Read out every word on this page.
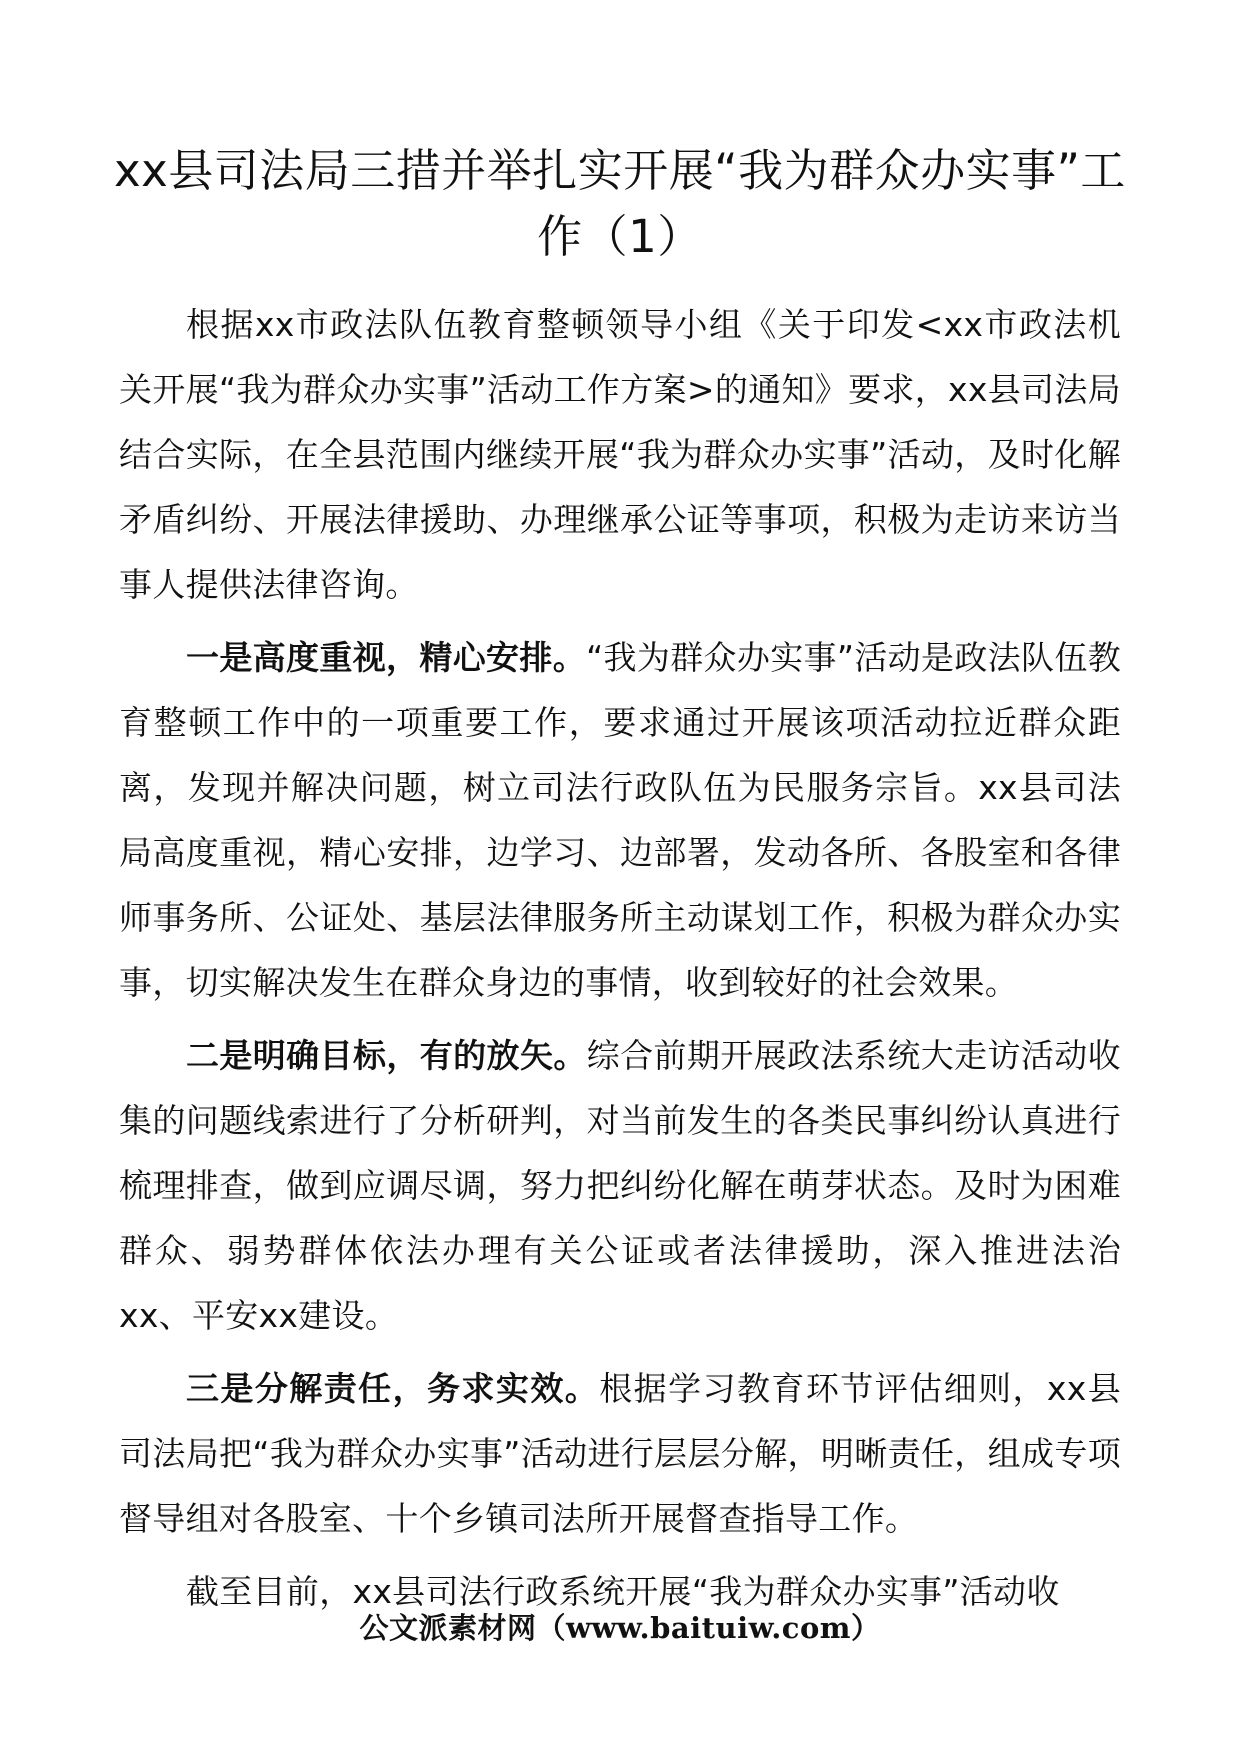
xx县司法局三措并举扎实开展“我为群众办实事”工作（1）

根据xx市政法队伍教育整顿领导小组《关于印发<xx市政法机关开展“我为群众办实事”活动工作方案>的通知》要求，xx县司法局结合实际，在全县范围内继续开展“我为群众办实事”活动，及时化解矛盾纠纷、开展法律援助、办理继承公证等事项，积极为走访来访当事人提供法律咨询。

一是高度重视，精心安排。“我为群众办实事”活动是政法队伍教育整顿工作中的一项重要工作，要求通过开展该项活动拉近群众距离，发现并解决问题，树立司法行政队伍为民服务宗旨。xx县司法局高度重视，精心安排，边学习、边部署，发动各所、各股室和各律师事务所、公证处、基层法律服务所主动谋划工作，积极为群众办实事，切实解决发生在群众身边的事情，收到较好的社会效果。

二是明确目标，有的放矢。综合前期开展政法系统大走访活动收集的问题线索进行了分析研判，对当前发生的各类民事纠纷认真进行梳理排查，做到应调尽调，努力把纠纷化解在萌芽状态。及时为困难群众、弱势群体依法办理有关公证或者法律援助，深入推进法治xx、平安xx建设。

三是分解责任，务求实效。根据学习教育环节评估细则，xx县司法局把“我为群众办实事”活动进行层层分解，明晰责任，组成专项督导组对各股室、十个乡镇司法所开展督查指导工作。

截至目前，xx县司法行政系统开展“我为群众办实事”活动收

公文派素材网（www.baituiw.com）
